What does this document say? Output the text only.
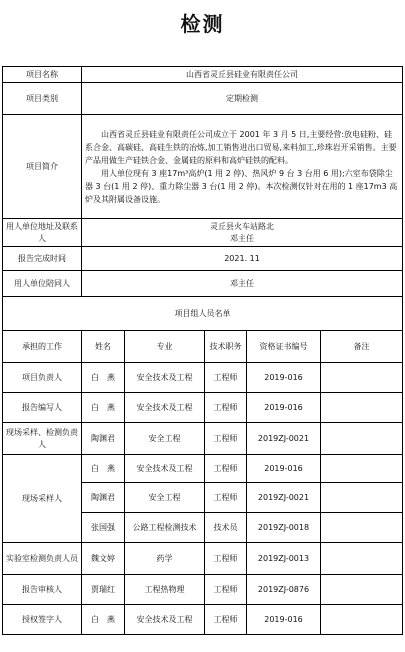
检测
项目名称	山西省灵丘县硅业有限责任公司				
项目类别	定期检测				
项目简介	山西省灵丘县硅业有限责任公司成立于 2001 年 3 月 5 日,主要经营:放电硅粉、硅系合金、高碳硅、高硅生铁的冶炼,加工销售进出口贸易,来料加工,珍珠岩开采销售。主要产品用做生产硅铁合金、金属硅的原料和高炉硅铁的配料。

用人单位现有 3 座17m³高炉(1 用 2 停)、热风炉 9 台 3 台用 6 用);六室布袋除尘器 3 台(1 用 2 停)、重力除尘器 3 台(1 用 2 停)。本次检测仅针对在用的 1 座17m3 高炉及其附属设备设施。				

用人单位地址及联系人	灵丘县火车站路北
邓主任				

报告完成时间	2021. 11				
用人单位陪同人	邓主任				
项目组人员名单					
承担的工作	姓名	专业	技术职务	资格证书编号	备注
项目负责人	白　燕	安全技术及工程	工程师	2019-016	
报告编写人	白　燕	安全技术及工程	工程师	2019-016	
现场采样、检测负责人	陶渊君	安全工程	工程师	2019ZJ-0021	
现场采样人	白　燕	安全技术及工程	工程师	2019-016	
	陶渊君	安全工程	工程师	2019ZJ-0021	
	张国强	公路工程检测技术	技术员	2019ZJ-0018	
实验室检测负责人员	魏文婷	药学	工程师	2019ZJ-0013	
报告审核人	贾瑞红	工程热物理	工程师	2019ZJ-0876	
授权签字人	白　燕	安全技术及工程	工程师	2019-016	
